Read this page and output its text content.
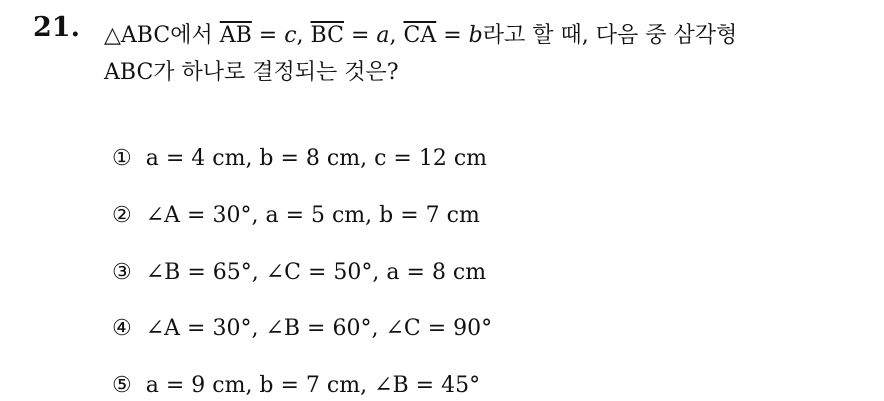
21. △ABC에서 $\overline{AB} = c$, $\overline{BC} = a$, $\overline{CA} = b$라고 할 때, 다음 중 삼각형
ABC가 하나로 결정되는 것은?
① a = 4 cm, b = 8 cm, c = 12 cm
② ∠A = 30°, a = 5 cm, b = 7 cm
③ ∠B = 65°, ∠C = 50°, a = 8 cm
④ ∠A = 30°, ∠B = 60°, ∠C = 90°
⑤ a = 9 cm, b = 7 cm, ∠B = 45°
